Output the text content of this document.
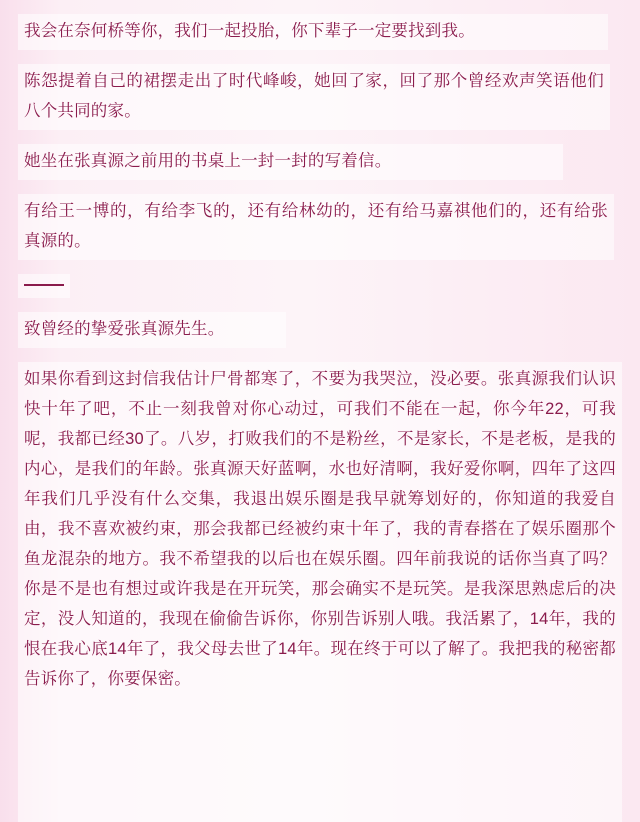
我会在奈何桥等你，我们一起投胎，你下辈子一定要找到我。
陈怨提着自己的裙摆走出了时代峰峻，她回了家，回了那个曾经欢声笑语他们八个共同的家。
她坐在张真源之前用的书桌上一封一封的写着信。
有给王一博的，有给李飞的，还有给林幼的，还有给马嘉祺他们的，还有给张真源的。

致曾经的挚爱张真源先生。
如果你看到这封信我估计尸骨都寒了，不要为我哭泣，没必要。张真源我们认识快十年了吧，不止一刻我曾对你心动过，可我们不能在一起，你今年22，可我呢，我都已经30了。八岁，打败我们的不是粉丝，不是家长，不是老板，是我的内心，是我们的年龄。张真源天好蓝啊，水也好清啊，我好爱你啊，四年了这四年我们几乎没有什么交集，我退出娱乐圈是我早就筹划好的，你知道的我爱自由，我不喜欢被约束，那会我都已经被约束十年了，我的青春搭在了娱乐圈那个鱼龙混杂的地方。我不希望我的以后也在娱乐圈。四年前我说的话你当真了吗？你是不是也有想过或许我是在开玩笑，那会确实不是玩笑。是我深思熟虑后的决定，没人知道的，我现在偷偷告诉你，你别告诉别人哦。我活累了，14年，我的恨在我心底14年了，我父母去世了14年。现在终于可以了解了。我把我的秘密都告诉你了，你要保密。
